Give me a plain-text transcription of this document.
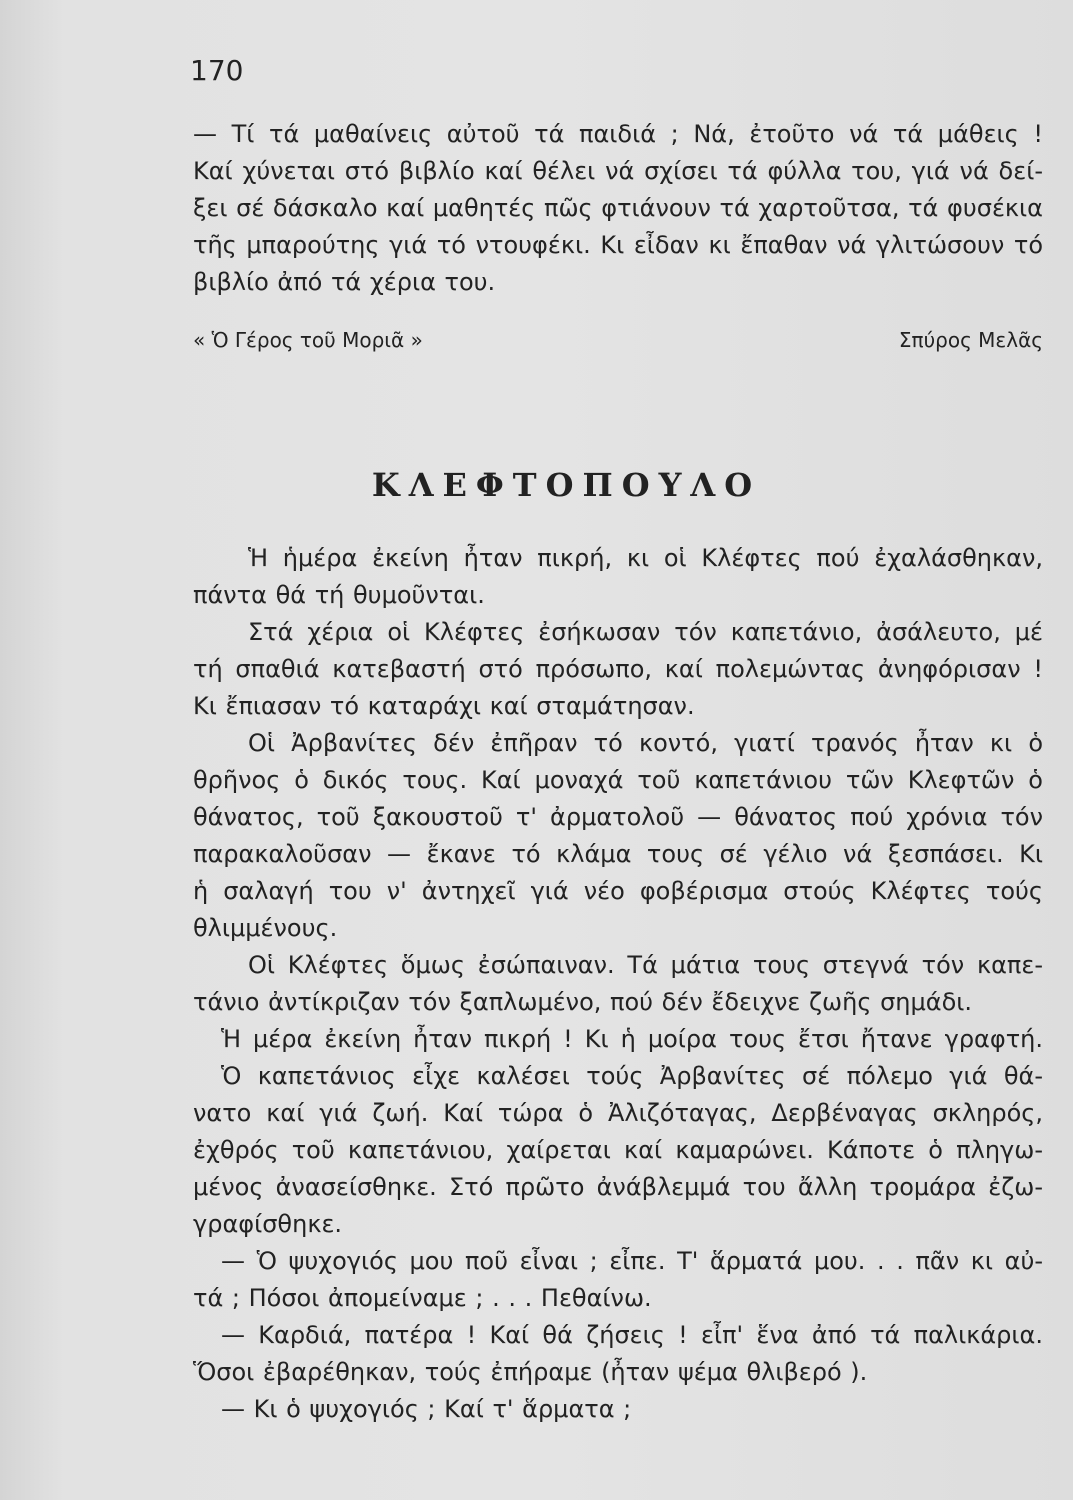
170
— Τί τά μαθαίνεις αὐτοῦ τά παιδιά ; Νά, ἐτοῦτο νά τά μάθεις !
Καί χύνεται στό βιβλίο καί θέλει νά σχίσει τά φύλλα του, γιά νά δεί-
ξει σέ δάσκαλο καί μαθητές πῶς φτιάνουν τά χαρτοῦτσα, τά φυσέκια
τῆς μπαρούτης γιά τό ντουφέκι. Κι εἶδαν κι ἔπαθαν νά γλιτώσουν τό
βιβλίο ἀπό τά χέρια του.
« Ὁ Γέρος τοῦ Μοριᾶ »	Σπύρος Μελᾶς
ΚΛΕΦΤΟΠΟΥΛΟ
Ἡ ἡμέρα ἐκείνη ἦταν πικρή, κι οἱ Κλέφτες πού ἐχαλάσθηκαν,
πάντα θά τή θυμοῦνται.
Στά χέρια οἱ Κλέφτες ἐσήκωσαν τόν καπετάνιο, ἀσάλευτο, μέ
τή σπαθιά κατεβαστή στό πρόσωπο, καί πολεμώντας ἀνηφόρισαν !
Κι ἔπιασαν τό καταράχι καί σταμάτησαν.
Οἱ Ἀρβανίτες δέν ἐπῆραν τό κοντό, γιατί τρανός ἦταν κι ὁ
θρῆνος ὁ δικός τους. Καί μοναχά τοῦ καπετάνιου τῶν Κλεφτῶν ὁ
θάνατος, τοῦ ξακουστοῦ τ' ἀρματολοῦ — θάνατος πού χρόνια τόν
παρακαλοῦσαν — ἔκανε τό κλάμα τους σέ γέλιο νά ξεσπάσει. Κι
ἡ σαλαγή του ν' ἀντηχεῖ γιά νέο φοβέρισμα στούς Κλέφτες τούς
θλιμμένους.
Οἱ Κλέφτες ὅμως ἐσώπαιναν. Τά μάτια τους στεγνά τόν καπε-
τάνιο ἀντίκριζαν τόν ξαπλωμένο, πού δέν ἔδειχνε ζωῆς σημάδι.
Ἡ μέρα ἐκείνη ἦταν πικρή ! Κι ἡ μοίρα τους ἔτσι ἤτανε γραφτή.
Ὁ καπετάνιος εἶχε καλέσει τούς Ἀρβανίτες σέ πόλεμο γιά θά-
νατο καί γιά ζωή. Καί τώρα ὁ Ἀλιζόταγας, Δερβέναγας σκληρός,
ἐχθρός τοῦ καπετάνιου, χαίρεται καί καμαρώνει. Κάποτε ὁ πληγω-
μένος ἀνασείσθηκε. Στό πρῶτο ἀνάβλεμμά του ἄλλη τρομάρα ἐζω-
γραφίσθηκε.
— Ὁ ψυχογιός μου ποῦ εἶναι ; εἶπε. Τ' ἅρματά μου. . . πᾶν κι αὐ-
τά ; Πόσοι ἀπομείναμε ; . . . Πεθαίνω.
— Καρδιά, πατέρα ! Καί θά ζήσεις ! εἶπ' ἕνα ἀπό τά παλικάρια.
Ὅσοι ἐβαρέθηκαν, τούς ἐπήραμε (ἦταν ψέμα θλιβερό ).
— Κι ὁ ψυχογιός ; Καί τ' ἅρματα ;
